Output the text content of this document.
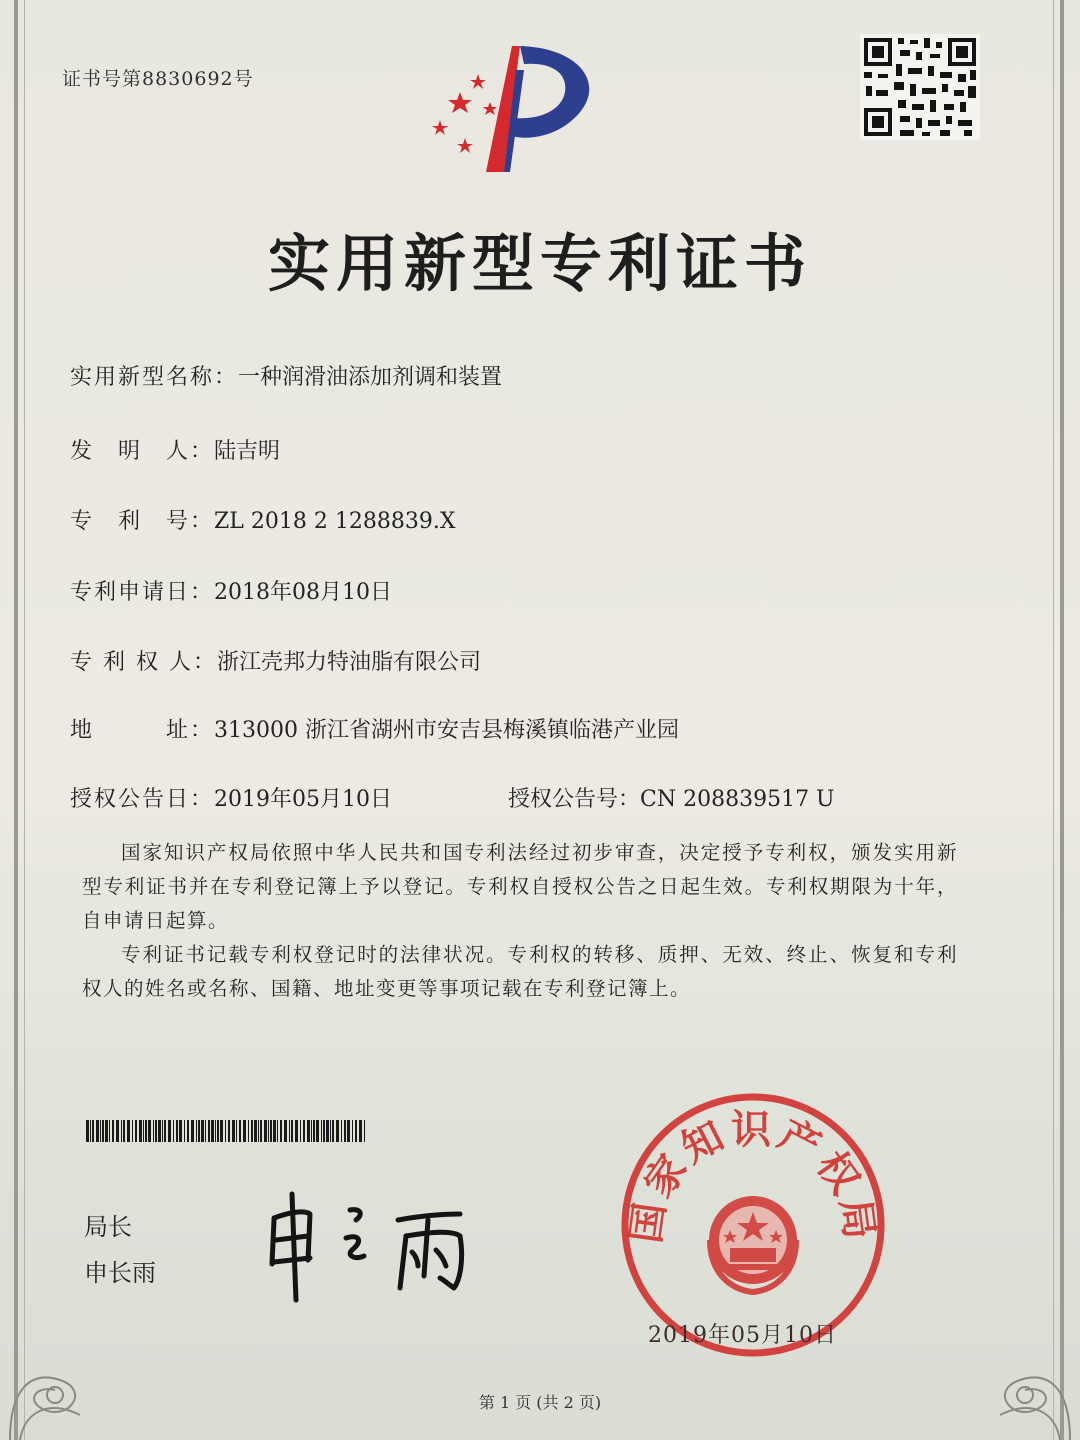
证书号第8830692号
实用新型专利证书
实用新型名称：一种润滑油添加剂调和装置
发　明　人：陆吉明
专　利　号：ZL 2018 2 1288839.X
专利申请日：2018年08月10日
专 利 权 人：浙江壳邦力特油脂有限公司
地　　　址：313000 浙江省湖州市安吉县梅溪镇临港产业园
授权公告日：2019年05月10日	授权公告号：CN 208839517 U
国家知识产权局依照中华人民共和国专利法经过初步审查，决定授予专利权，颁发实用新型专利证书并在专利登记簿上予以登记。专利权自授权公告之日起生效。专利权期限为十年，自申请日起算。
专利证书记载专利权登记时的法律状况。专利权的转移、质押、无效、终止、恢复和专利权人的姓名或名称、国籍、地址变更等事项记载在专利登记簿上。
局长
申长雨
国家知识产权局
2019年05月10日
第 1 页 (共 2 页)
